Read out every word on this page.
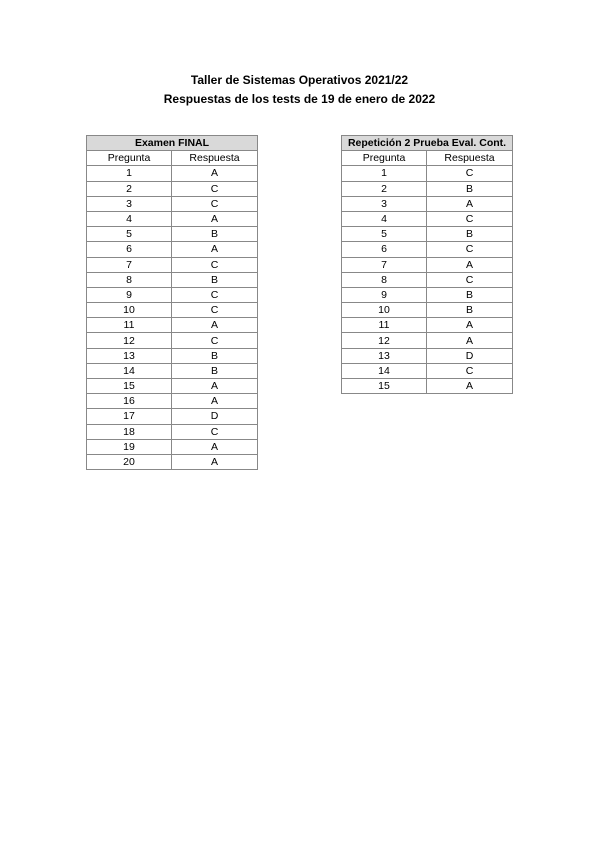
Taller de Sistemas Operativos 2021/22
Respuestas de los tests de 19 de enero de 2022
Examen FINAL	
Pregunta	Respuesta
1	A
2	C
3	C
4	A
5	B
6	A
7	C
8	B
9	C
10	C
11	A
12	C
13	B
14	B
15	A
16	A
17	D
18	C
19	A
20	A
Repetición 2 Prueba Eval. Cont.	
Pregunta	Respuesta
1	C
2	B
3	A
4	C
5	B
6	C
7	A
8	C
9	B
10	B
11	A
12	A
13	D
14	C
15	A
